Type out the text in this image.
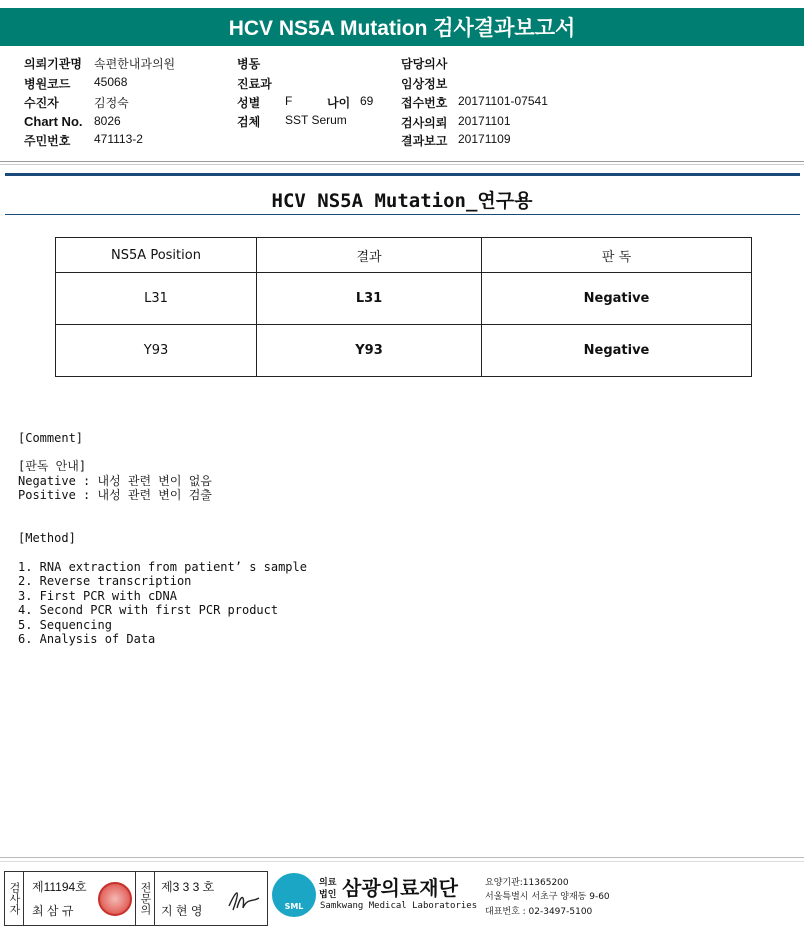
HCV NS5A Mutation 검사결과보고서
의뢰기관명 속편한내과의원
병원코드 45068
수진자	김정숙
Chart No. 8026
주민번호 471113-2
병동
진료과
성별 F	나이 69
검체 SST Serum
담당의사
임상정보
접수번호 20171101-07541
검사의뢰 20171101
결과보고 20171109
HCV NS5A Mutation_연구용
NS5A Position	결과	판 독
L31	L31	Negative
Y93	Y93	Negative
[Comment]
[판독 안내]
Negative : 내성 관련 변이 없음
Positive : 내성 관련 변이 검출
[Method]
1. RNA extraction from patient’ s sample
2. Reverse transcription
3. First PCR with cDNA
4. Second PCR with first PCR product
5. Sequencing
6. Analysis of Data
검사자 제11194호
최 삼 규	전문의 제3 3 3 호
지 현 영	SML
의료
법인 삼광의료재단
Samkwang Medical Laboratories
요양기관:11365200
서울특별시 서초구 양재동 9-60
대표번호 : 02-3497-5100
